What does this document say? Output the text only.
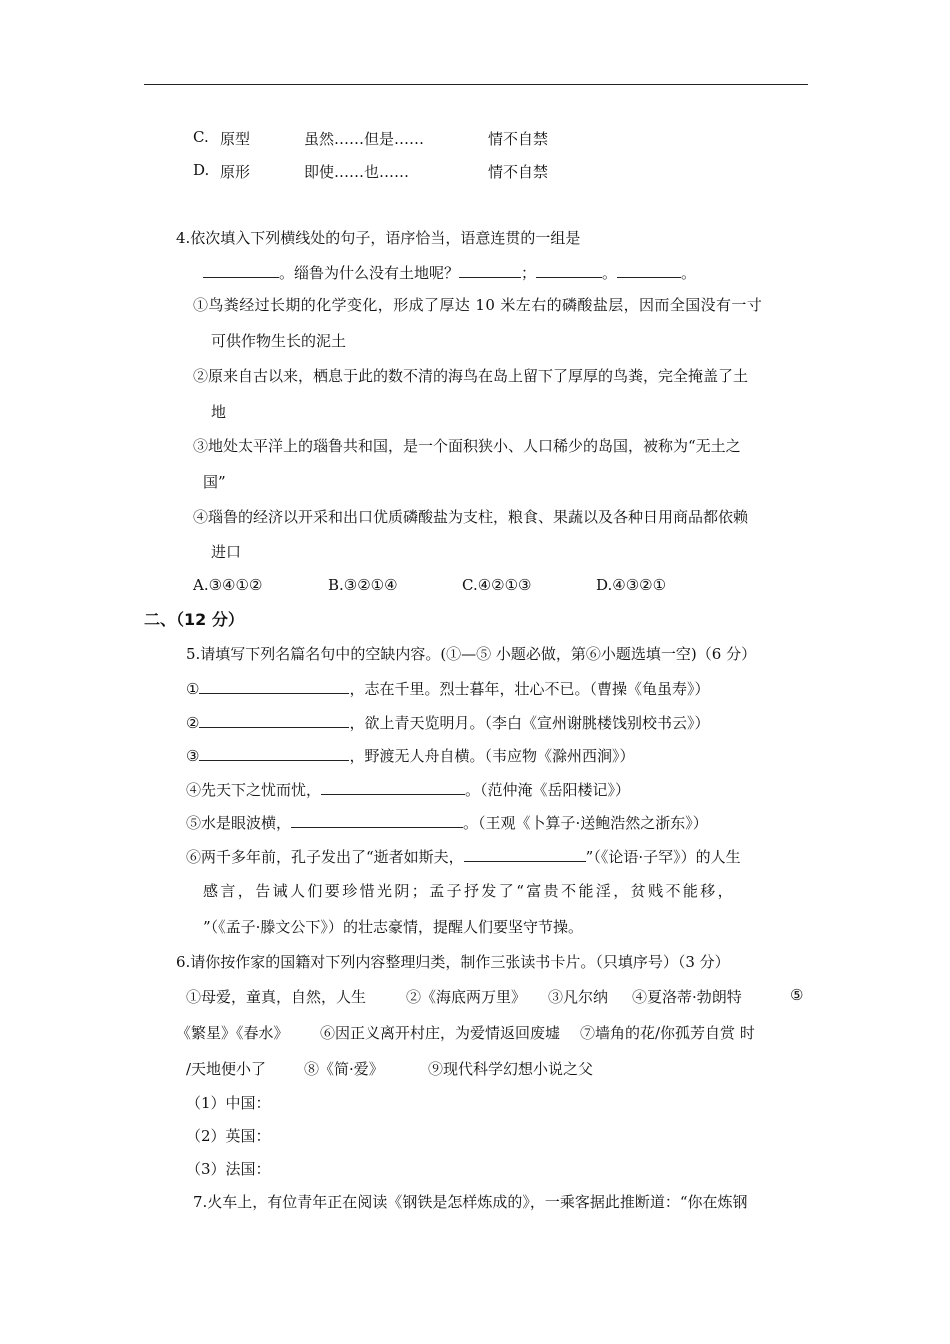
C. 原型	虽然……但是……	情不自禁
D. 原形	即使……也……	情不自禁
4.依次填入下列横线处的句子，语序恰当，语意连贯的一组是
。缁鲁为什么没有土地呢？	；	。	。
①鸟粪经过长期的化学变化，形成了厚达 10 米左右的磷酸盐层，因而全国没有一寸
可供作物生长的泥土
②原来自古以来，栖息于此的数不清的海鸟在岛上留下了厚厚的鸟粪，完全掩盖了土
地
③地处太平洋上的瑙鲁共和国，是一个面积狭小、人口稀少的岛国，被称为“无土之
国”
④瑙鲁的经济以开采和出口优质磷酸盐为支柱，粮食、果蔬以及各种日用商品都依赖
进口
A.③④①②	B.③②①④	C.④②①③	D.④③②①
二、（12 分）
5.请填写下列名篇名句中的空缺内容。(①—⑤ 小题必做，第⑥小题选填一空)（6 分）
①	，志在千里。烈士暮年，壮心不已。（曹操《龟虽寿》）
②	，欲上青天览明月。（李白《宣州谢朓楼饯别校书云》）
③	，野渡无人舟自横。（韦应物《滁州西涧》）
④先天下之忧而忧，	。（范仲淹《岳阳楼记》）
⑤水是眼波横，	。（王观《卜算子·送鲍浩然之浙东》）
⑥两千多年前，孔子发出了“逝者如斯夫，	”（《论语·子罕》）的人生
感言，告诫人们要珍惜光阴；孟子抒发了“富贵不能淫，贫贱不能移，
”（《孟子·滕文公下》）的壮志豪情，提醒人们要坚守节操。
6.请你按作家的国籍对下列内容整理归类，制作三张读书卡片。（只填序号）（3 分）
①母爱，童真，自然，人生	②《海底两万里》 ③凡尔纳 ④夏洛蒂·勃朗特	⑤
《繁星》《春水》 ⑥因正义离开村庄，为爱情返回废墟 ⑦墙角的花/你孤芳自赏 时
/天地便小了	⑧《简·爱》	⑨现代科学幻想小说之父
（1）中国：
（2）英国：
（3）法国：
7.火车上，有位青年正在阅读《钢铁是怎样炼成的》，一乘客据此推断道：“你在炼钢
